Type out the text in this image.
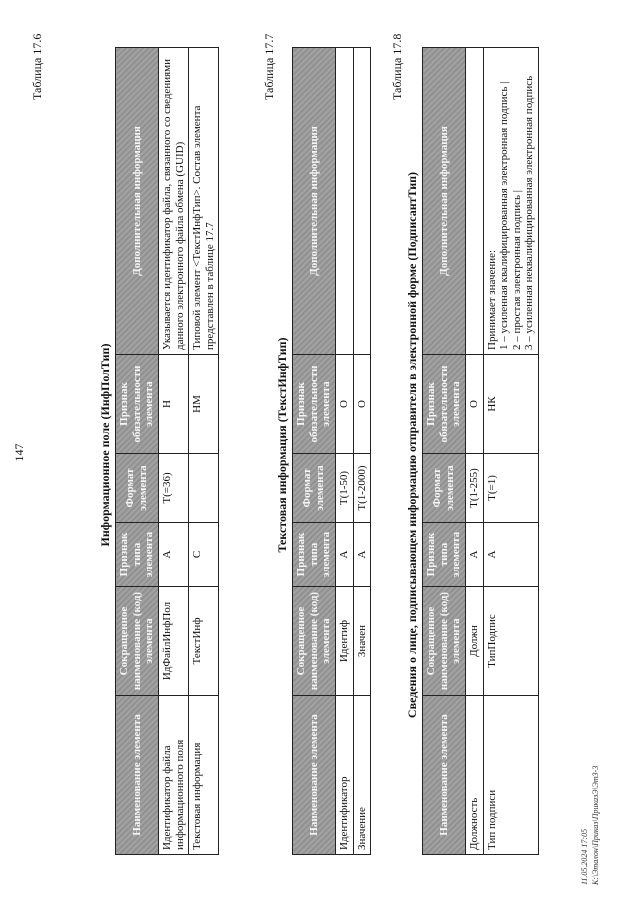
147
Таблица 17.6
Информационное поле (ИнфПолТип)
Наименование элемента	Сокращенное наименование (код) элемента	Признак типа элемента	Формат элемента	Признак обязательности элемента	Дополнительная информация
Идентификатор файла информационного поля	ИдФайлИнфПол	A	T(=36)	Н	Указывается идентификатор файла, связанного со сведениями данного электронного файла обмена (GUID)
Текстовая информация	ТекстИнф	С		НМ	Типовой элемент <ТекстИнфТип>. Состав элемента представлен в таблице 17.7
Таблица 17.7
Текстовая информация (ТекстИнфТип)
Наименование элемента	Сокращенное наименование (код) элемента	Признак типа элемента	Формат элемента	Признак обязательности элемента	Дополнительная информация
Идентификатор	Идентиф	A	T(1-50)	О	
Значение	Значен	A	T(1-2000)	О	
Таблица 17.8
Сведения о лице, подписывающем информацию отправителя в электронной форме (ПодписантТип)
Наименование элемента	Сокращенное наименование (код) элемента	Признак типа элемента	Формат элемента	Признак обязательности элемента	Дополнительная информация
Должность	Должн	A	T(1-255)	О	
Тип подписи	ТипПодпис	A	T(=1)	НК	Принимает значение:
1 – усиленная квалифицированная электронная подпись |
2 – простая электронная подпись |
3 – усиленная неквалифицированная электронная подпись
11.05.2024 17:05 К:\Эталон\Приказ\ПриказЭ\Эт3-3
